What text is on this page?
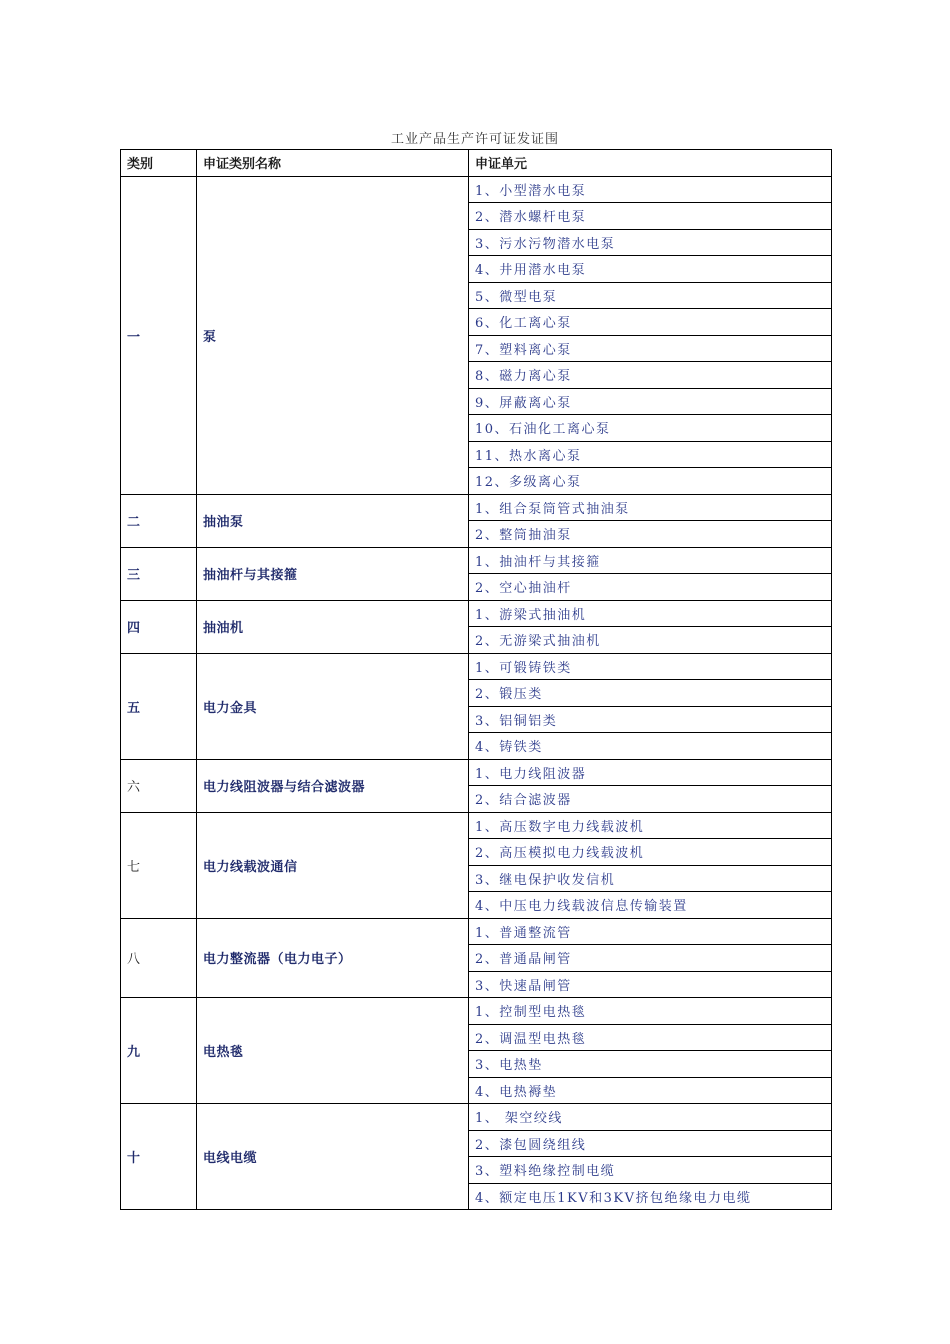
工业产品生产许可证发证围
类别	申证类别名称	申证单元
一	泵	1、小型潜水电泵
		2、潜水螺杆电泵
		3、污水污物潜水电泵
		4、井用潜水电泵
		5、微型电泵
		6、化工离心泵
		7、塑料离心泵
		8、磁力离心泵
		9、屏蔽离心泵
		10、石油化工离心泵
		11、热水离心泵
		12、多级离心泵
二	抽油泵	1、组合泵筒管式抽油泵
		2、整筒抽油泵
三	抽油杆与其接箍	1、抽油杆与其接箍
		2、空心抽油杆
四	抽油机	1、游梁式抽油机
		2、无游梁式抽油机
五	电力金具	1、可锻铸铁类
		2、锻压类
		3、铝铜铝类
		4、铸铁类
六	电力线阻波器与结合滤波器	1、电力线阻波器
		2、结合滤波器
七	电力线载波通信	1、高压数字电力线载波机
		2、高压模拟电力线载波机
		3、继电保护收发信机
		4、中压电力线载波信息传输装置
八	电力整流器（电力电子）	1、普通整流管
		2、普通晶闸管
		3、快速晶闸管
九	电热毯	1、控制型电热毯
		2、调温型电热毯
		3、电热垫
		4、电热褥垫
十	电线电缆	1、 架空绞线
		2、漆包圆绕组线
		3、塑料绝缘控制电缆
		4、额定电压1KV和3KV挤包绝缘电力电缆
